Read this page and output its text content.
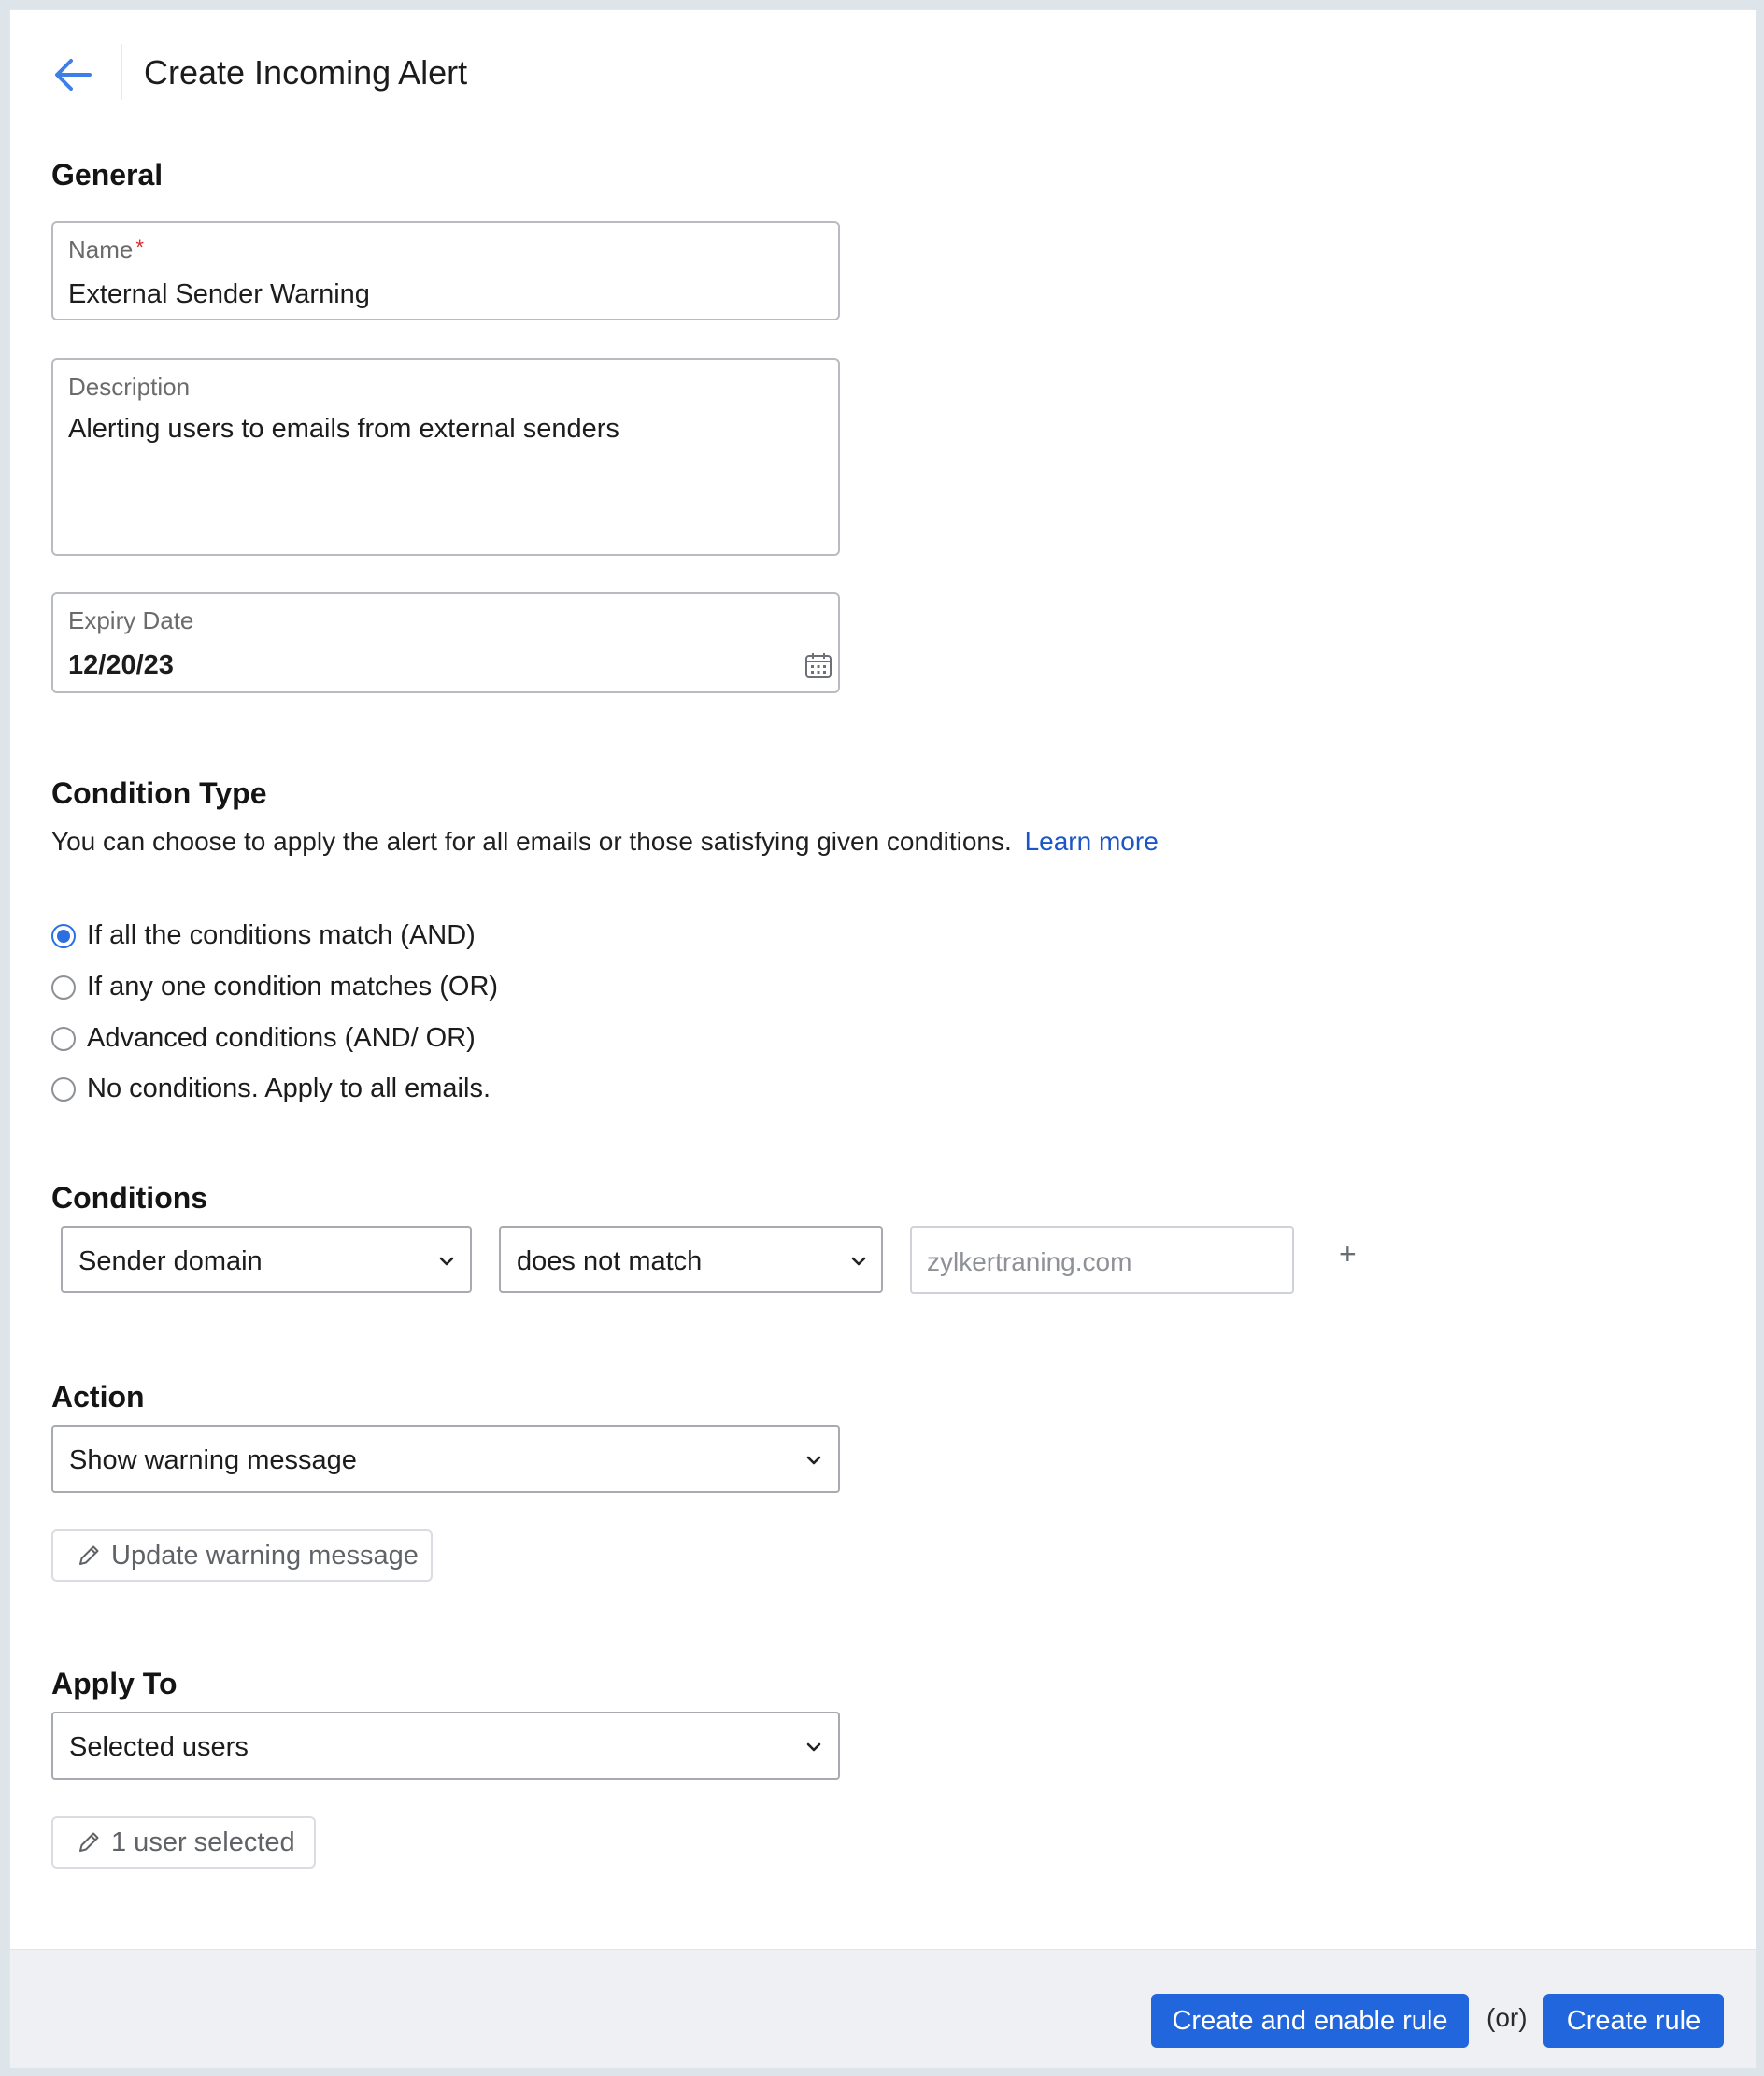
Create Incoming Alert
General
Name *
External Sender Warning
Description
Alerting users to emails from external senders
Expiry Date
12/20/23
Condition Type
You can choose to apply the alert for all emails or those satisfying given conditions. Learn more
If all the conditions match (AND)
If any one condition matches (OR)
Advanced conditions (AND/ OR)
No conditions. Apply to all emails.
Conditions
Sender domain	does not match	zylkertraning.com	+
Action
Show warning message
Update warning message
Apply To
Selected users
1 user selected
Create and enable rule	(or)	Create rule
